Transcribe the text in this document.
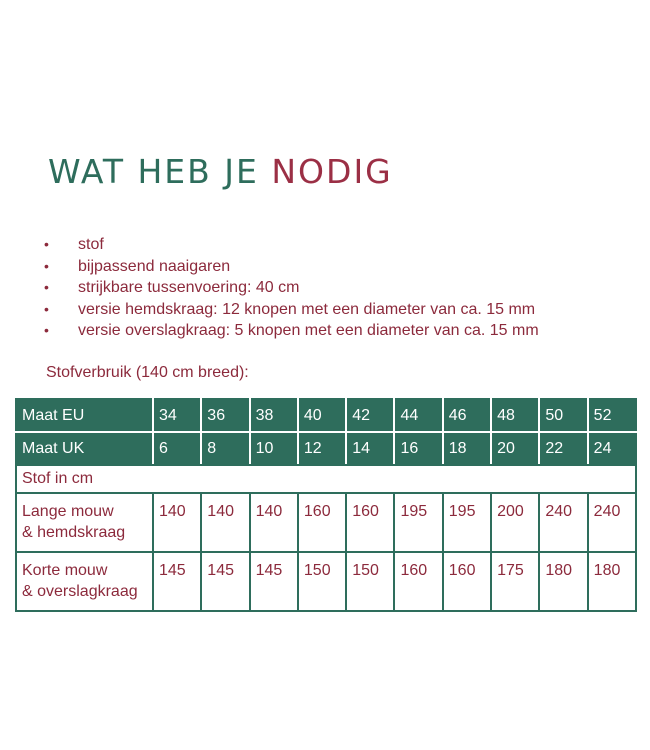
WAT HEB JE NODIG
• stof
• bijpassend naaigaren
• strijkbare tussenvoering: 40 cm
• versie hemdskraag: 12 knopen met een diameter van ca. 15 mm
• versie overslagkraag: 5 knopen met een diameter van ca. 15 mm
Stofverbruik (140 cm breed):
Maat EU	34	36	38	40	42	44	46	48	50	52
Maat UK	6	8	10	12	14	16	18	20	22	24
Stof in cm										
Lange mouw
& hemdskraag	140	140	140	160	160	195	195	200	240	240
Korte mouw
& overslagkraag	145	145	145	150	150	160	160	175	180	180
